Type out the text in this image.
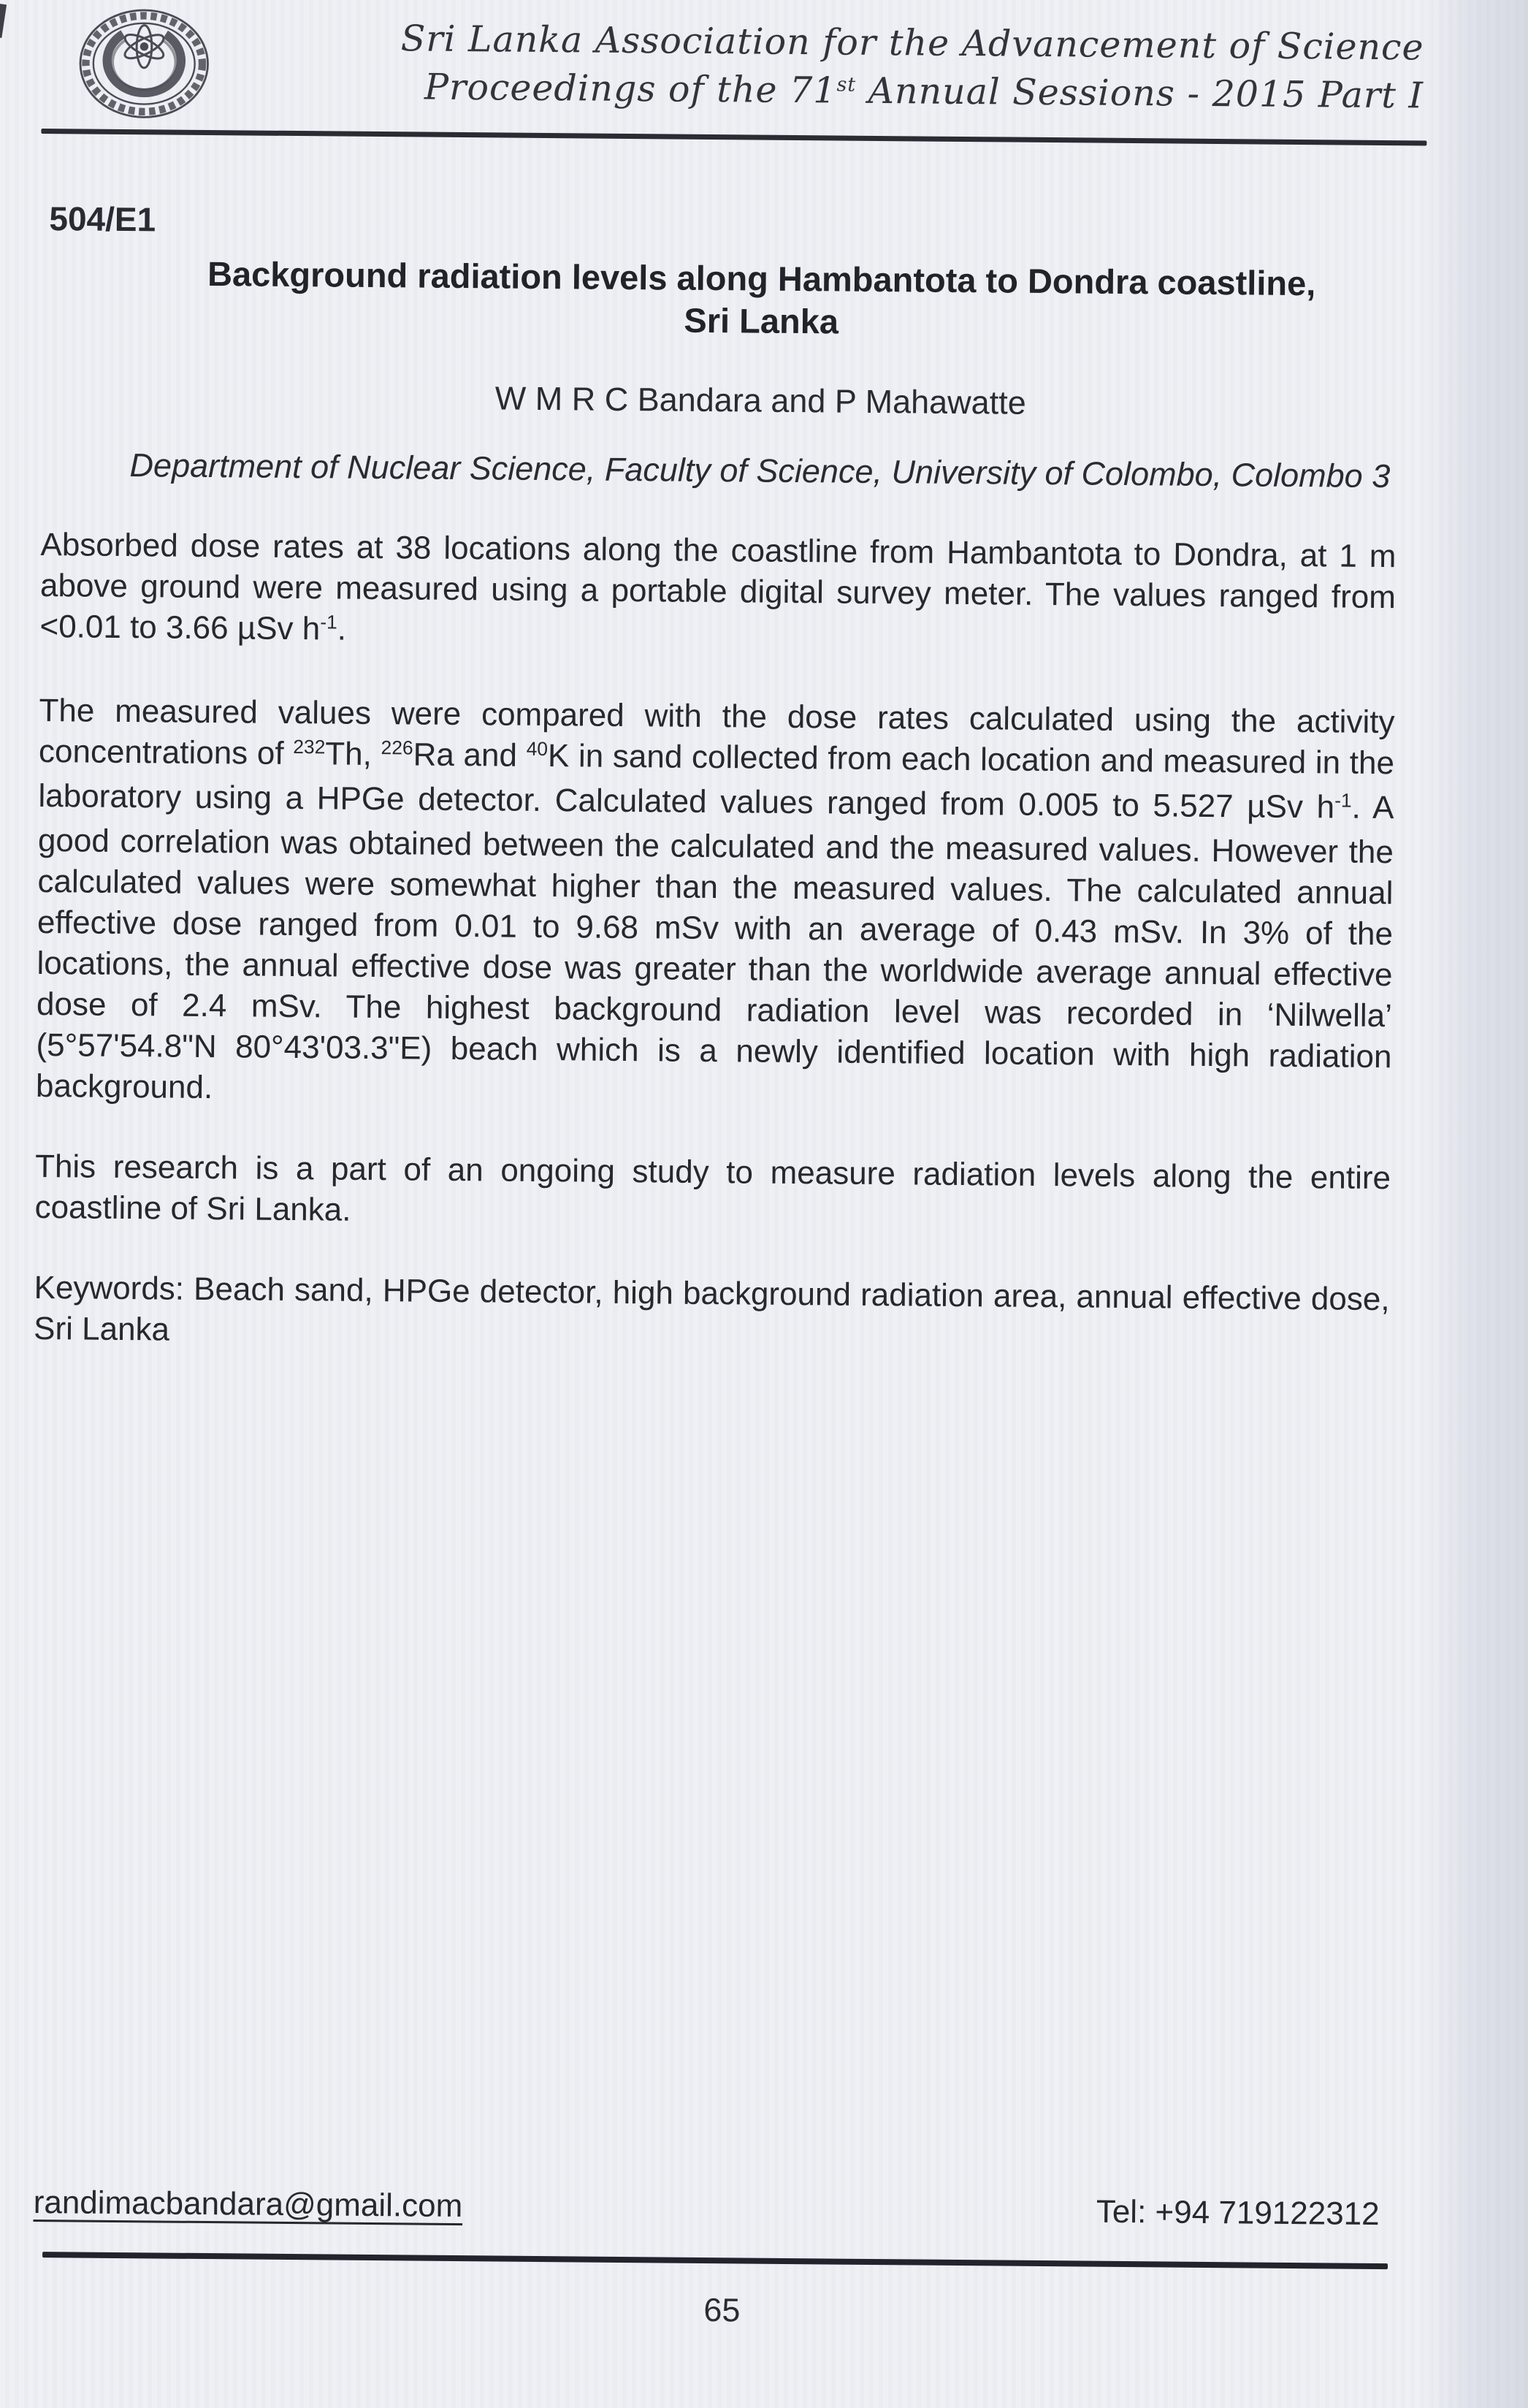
Sri Lanka Association for the Advancement of Science
Proceedings of the 71st Annual Sessions - 2015 Part I
504/E1
Background radiation levels along Hambantota to Dondra coastline,
Sri Lanka
W M R C Bandara and P Mahawatte
Department of Nuclear Science, Faculty of Science, University of Colombo, Colombo 3

Absorbed dose rates at 38 locations along the coastline from Hambantota to Dondra, at 1 m above ground were measured using a portable digital survey meter. The values ranged from <0.01 to 3.66 µSv $h^{-1}$.

The measured values were compared with the dose rates calculated using the activity concentrations of $^{232}$Th, $^{226}$Ra and $^{40}$K in sand collected from each location and measured in the laboratory using a HPGe detector. Calculated values ranged from 0.005 to 5.527 µSv $h^{-1}$. A good correlation was obtained between the calculated and the measured values. However the calculated values were somewhat higher than the measured values. The calculated annual effective dose ranged from 0.01 to 9.68 mSv with an average of 0.43 mSv. In 3% of the locations, the annual effective dose was greater than the worldwide average annual effective dose of 2.4 mSv. The highest background radiation level was recorded in ‘Nilwella’ (5°57'54.8"N 80°43'03.3"E) beach which is a newly identified location with high radiation background.

This research is a part of an ongoing study to measure radiation levels along the entire coastline of Sri Lanka.

Keywords: Beach sand, HPGe detector, high background radiation area, annual effective dose, Sri Lanka

randimacbandara@gmail.com	Tel: +94 719122312
65
